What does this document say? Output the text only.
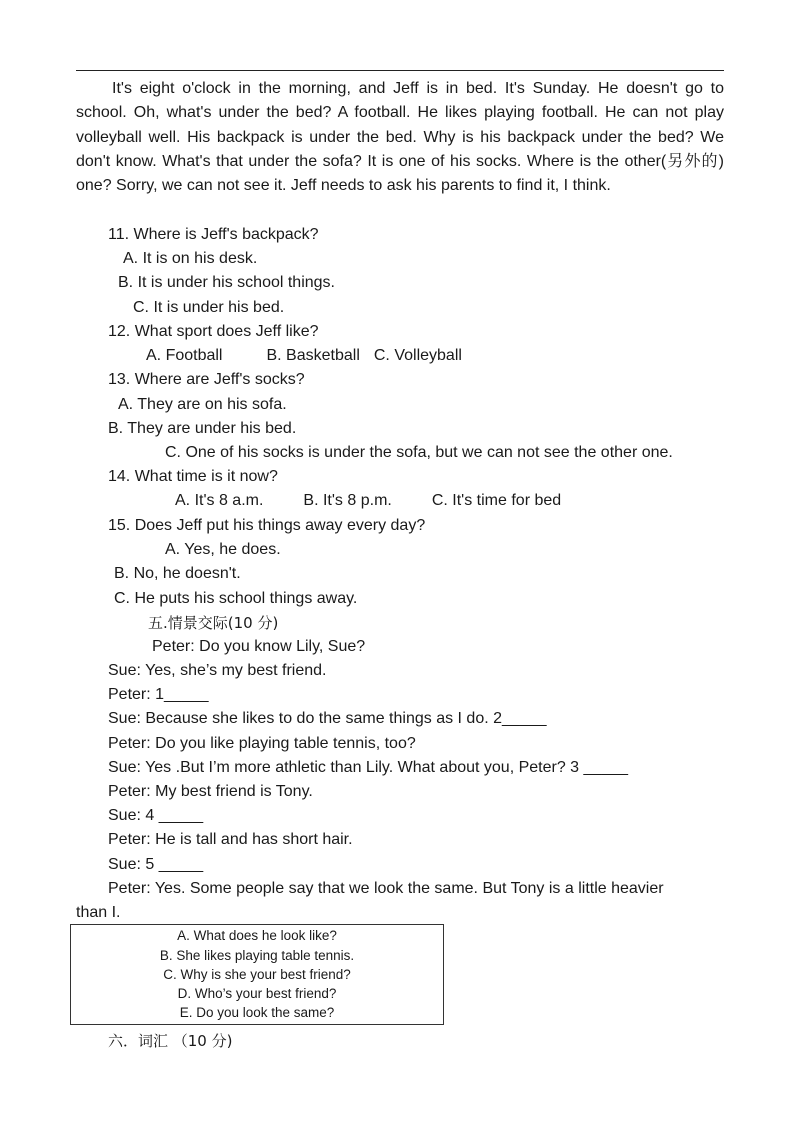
It's eight o'clock in the morning, and Jeff is in bed. It's Sunday. He doesn't go to school. Oh, what's under the bed? A football. He likes playing football. He can not play volleyball well. His backpack is under the bed. Why is his backpack under the bed? We don't know. What's that under the sofa? It is one of his socks. Where is the other(另外的) one? Sorry, we can not see it. Jeff needs to ask his parents to find it, I think.

11. Where is Jeff's backpack?
A. It is on his desk.
B. It is under his school things.
C. It is under his bed.
12. What sport does Jeff like?
A. Football	B. Basketball C. Volleyball
13. Where are Jeff's socks?
A. They are on his sofa.
B. They are under his bed.
C. One of his socks is under the sofa, but we can not see the other one.
14. What time is it now?
A. It's 8 a.m.	B. It's 8 p.m.	C. It's time for bed
15. Does Jeff put his things away every day?
A. Yes, he does.
B. No, he doesn't.
C. He puts his school things away.
五.情景交际(10 分)
Peter: Do you know Lily, Sue?
Sue: Yes, she’s my best friend.
Peter: 1_____
Sue: Because she likes to do the same things as I do. 2_____
Peter: Do you like playing table tennis, too?
Sue: Yes .But I’m more athletic than Lily. What about you, Peter? 3 _____
Peter: My best friend is Tony.
Sue: 4 _____
Peter: He is tall and has short hair.
Sue: 5 _____
Peter: Yes. Some people say that we look the same. But Tony is a little heavier
than I.
A. What does he look like?
B. She likes playing table tennis.
C. Why is she your best friend?
D. Who’s your best friend?
E. Do you look the same?
六．词汇 （10 分)
